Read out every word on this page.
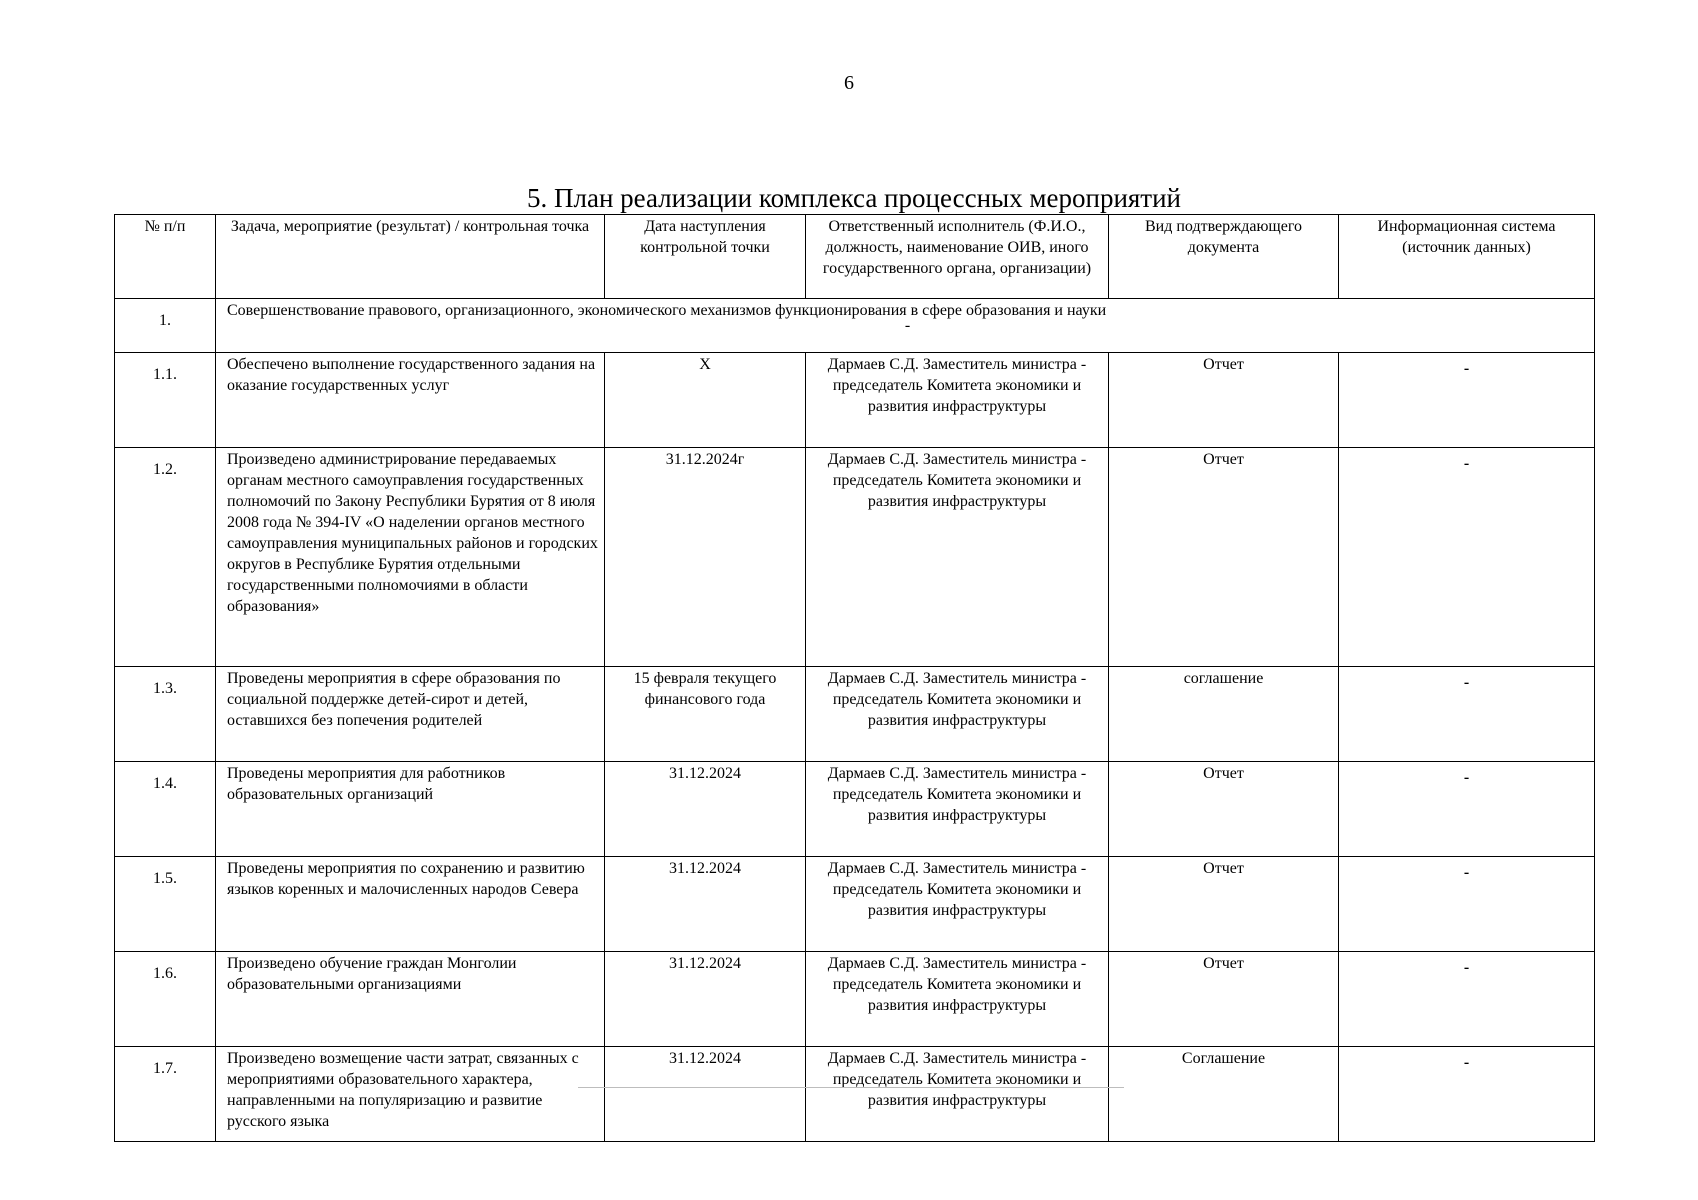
6
5. План реализации комплекса процессных мероприятий
№ п/п	Задача, мероприятие (результат) / контрольная точка	Дата наступления контрольной точки	Ответственный исполнитель (Ф.И.О., должность, наименование ОИВ, иного государственного органа, организации)	Вид подтверждающего документа	Информационная система (источник данных)
1.	Совершенствование правового, организационного, экономического механизмов функционирования в сфере образования и науки
-				

1.1.	Обеспечено выполнение государственного задания на оказание государственных услуг	Х	Дармаев С.Д. Заместитель министра - председатель Комитета экономики и развития инфраструктуры	Отчет	-
1.2.	Произведено администрирование передаваемых органам местного самоуправления государственных полномочий по Закону Республики Бурятия от 8 июля 2008 года № 394-IV «О наделении органов местного самоуправления муниципальных районов и городских округов в Республике Бурятия отдельными государственными полномочиями в области образования»	31.12.2024г	Дармаев С.Д. Заместитель министра - председатель Комитета экономики и развития инфраструктуры	Отчет	-
1.3.	Проведены мероприятия в сфере образования по социальной поддержке детей-сирот и детей, оставшихся без попечения родителей	15 февраля текущего финансового года	Дармаев С.Д. Заместитель министра - председатель Комитета экономики и развития инфраструктуры	соглашение	-
1.4.	Проведены мероприятия для работников образовательных организаций	31.12.2024	Дармаев С.Д. Заместитель министра - председатель Комитета экономики и развития инфраструктуры	Отчет	-
1.5.	Проведены мероприятия по сохранению и развитию языков коренных и малочисленных народов Севера	31.12.2024	Дармаев С.Д. Заместитель министра - председатель Комитета экономики и развития инфраструктуры	Отчет	-
1.6.	Произведено обучение граждан Монголии образовательными организациями	31.12.2024	Дармаев С.Д. Заместитель министра - председатель Комитета экономики и развития инфраструктуры	Отчет	-
1.7.	Произведено возмещение части затрат, связанных с мероприятиями образовательного характера, направленными на популяризацию и развитие русского языка	31.12.2024	Дармаев С.Д. Заместитель министра - председатель Комитета экономики и развития инфраструктуры	Соглашение	-
